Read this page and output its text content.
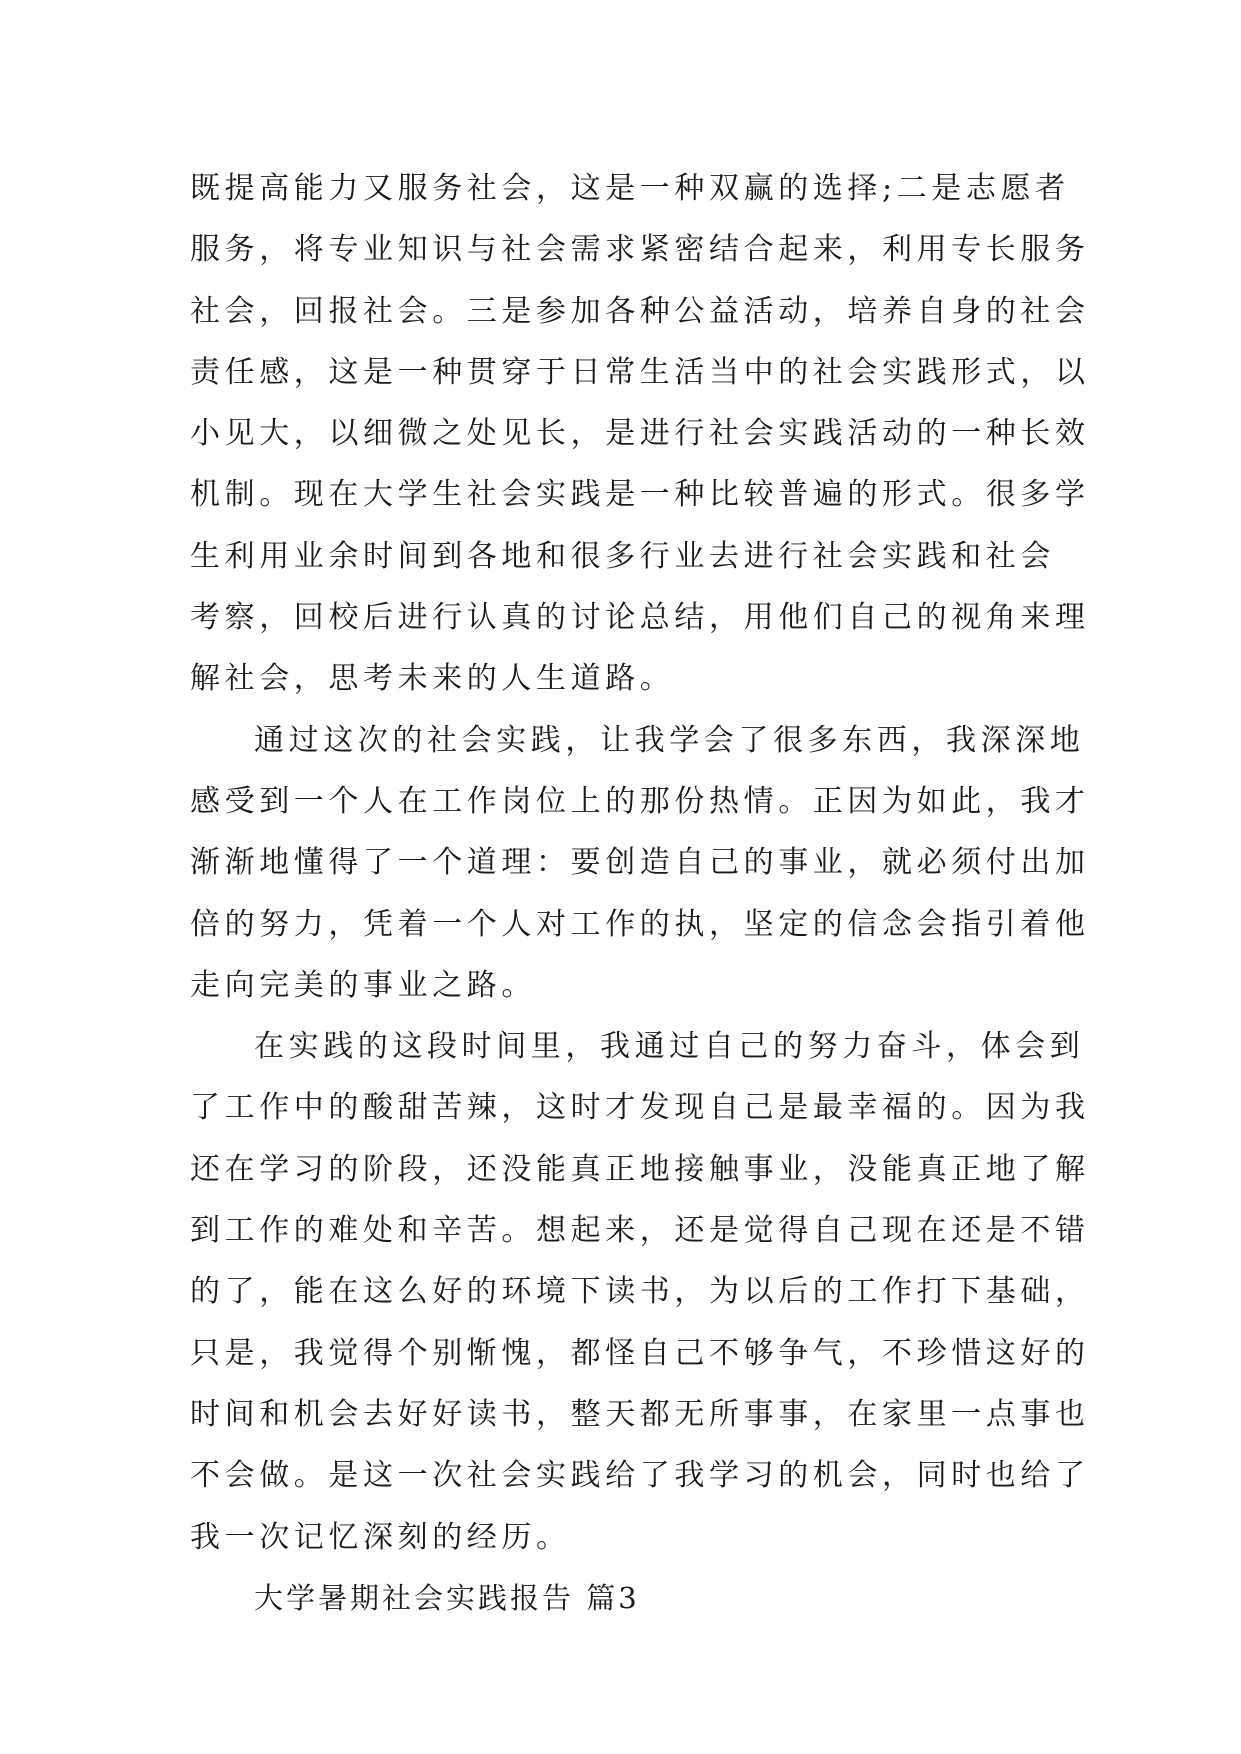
既提高能力又服务社会，这是一种双赢的选择;二是志愿者
服务，将专业知识与社会需求紧密结合起来，利用专长服务
社会，回报社会。三是参加各种公益活动，培养自身的社会
责任感，这是一种贯穿于日常生活当中的社会实践形式，以
小见大，以细微之处见长，是进行社会实践活动的一种长效
机制。现在大学生社会实践是一种比较普遍的形式。很多学
生利用业余时间到各地和很多行业去进行社会实践和社会
考察，回校后进行认真的讨论总结，用他们自己的视角来理
解社会，思考未来的人生道路。
通过这次的社会实践，让我学会了很多东西，我深深地
感受到一个人在工作岗位上的那份热情。正因为如此，我才
渐渐地懂得了一个道理：要创造自己的事业，就必须付出加
倍的努力，凭着一个人对工作的执，坚定的信念会指引着他
走向完美的事业之路。
在实践的这段时间里，我通过自己的努力奋斗，体会到
了工作中的酸甜苦辣，这时才发现自己是最幸福的。因为我
还在学习的阶段，还没能真正地接触事业，没能真正地了解
到工作的难处和辛苦。想起来，还是觉得自己现在还是不错
的了，能在这么好的环境下读书，为以后的工作打下基础，
只是，我觉得个别惭愧，都怪自己不够争气，不珍惜这好的
时间和机会去好好读书，整天都无所事事，在家里一点事也
不会做。是这一次社会实践给了我学习的机会，同时也给了
我一次记忆深刻的经历。
大学暑期社会实践报告 篇3
